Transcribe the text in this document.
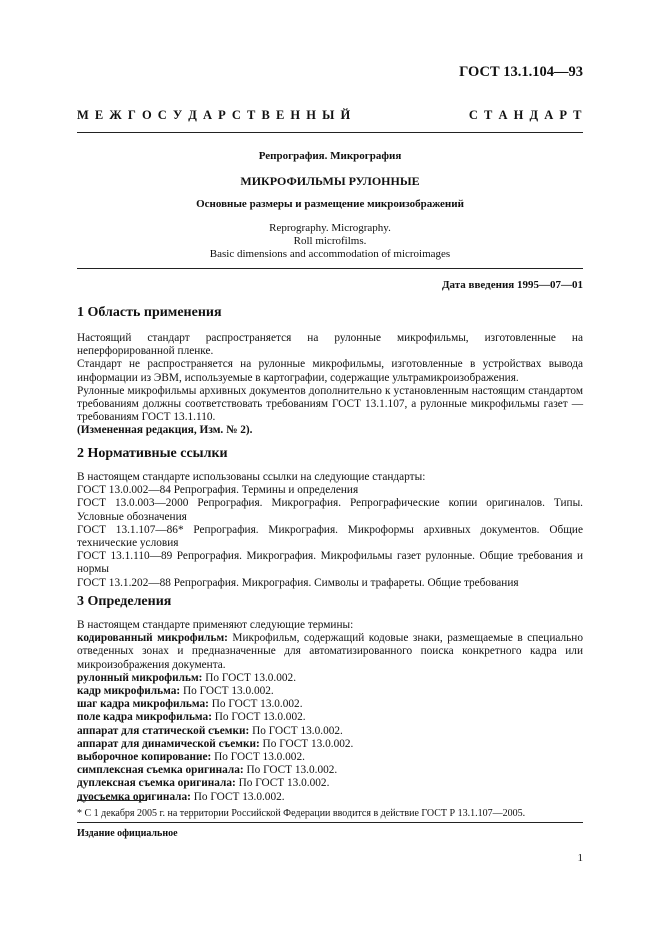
ГОСТ 13.1.104—93
М Е Ж Г О С У Д А Р С Т В Е Н Н Ы Й	С Т А Н Д А Р Т
Репрография. Микрография
МИКРОФИЛЬМЫ РУЛОННЫЕ
Основные размеры и размещение микроизображений
Reprography. Micrography.
Roll microfilms.
Basic dimensions and accommodation of microimages
Дата введения 1995—07—01
1 Область применения

Настоящий стандарт распространяется на рулонные микрофильмы, изготовленные на неперфорированной пленке.

Стандарт не распространяется на рулонные микрофильмы, изготовленные в устройствах вывода информации из ЭВМ, используемые в картографии, содержащие ультрамикроизображения.

Рулонные микрофильмы архивных документов дополнительно к установленным настоящим стандартом требованиям должны соответствовать требованиям ГОСТ 13.1.107, а рулонные микрофильмы газет — требованиям ГОСТ 13.1.110.

(Измененная редакция, Изм. № 2).

2 Нормативные ссылки

В настоящем стандарте использованы ссылки на следующие стандарты:

ГОСТ 13.0.002—84 Репрография. Термины и определения

ГОСТ 13.0.003—2000 Репрография. Микрография. Репрографические копии оригиналов. Типы. Условные обозначения

ГОСТ 13.1.107—86* Репрография. Микрография. Микроформы архивных документов. Общие технические условия

ГОСТ 13.1.110—89 Репрография. Микрография. Микрофильмы газет рулонные. Общие требования и нормы

ГОСТ 13.1.202—88 Репрография. Микрография. Символы и трафареты. Общие требования

3 Определения

В настоящем стандарте применяют следующие термины:

кодированный микрофильм: Микрофильм, содержащий кодовые знаки, размещаемые в специально отведенных зонах и предназначенные для автоматизированного поиска конкретного кадра или микроизображения документа.

рулонный микрофильм: По ГОСТ 13.0.002.

кадр микрофильма: По ГОСТ 13.0.002.

шаг кадра микрофильма: По ГОСТ 13.0.002.

поле кадра микрофильма: По ГОСТ 13.0.002.

аппарат для статической съемки: По ГОСТ 13.0.002.

аппарат для динамической съемки: По ГОСТ 13.0.002.

выборочное копирование: По ГОСТ 13.0.002.

симплексная съемка оригинала: По ГОСТ 13.0.002.

дуплексная съемка оригинала: По ГОСТ 13.0.002.

дуосъемка оригинала: По ГОСТ 13.0.002.

* С 1 декабря 2005 г. на территории Российской Федерации вводится в действие ГОСТ Р 13.1.107—2005.
Издание официальное
1
